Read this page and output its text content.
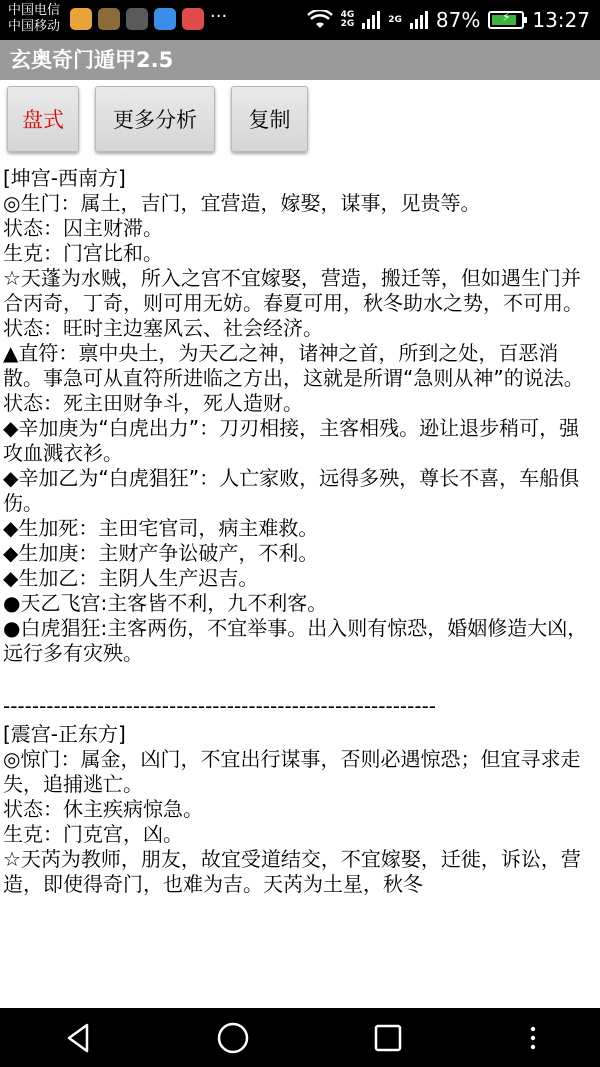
中国电信
中国移动	···	4G
2G	2G 87%	⚡	13:27
玄奥奇门遁甲2.5
盘式	更多分析	复制
[坤宫-西南方]
◎生门：属土，吉门，宜营造，嫁娶，谋事，见贵等。
状态：囚主财滞。
生克：门宫比和。
☆天蓬为水贼，所入之宫不宜嫁娶，营造，搬迁等，但如遇生门并合丙奇，丁奇，则可用无妨。春夏可用，秋冬助水之势，不可用。
状态：旺时主边塞风云、社会经济。
▲直符：禀中央土，为天乙之神，诸神之首，所到之处，百恶消散。事急可从直符所进临之方出，这就是所谓“急则从神”的说法。
状态：死主田财争斗，死人造财。
◆辛加庚为“白虎出力”：刀刃相接，主客相残。逊让退步稍可，强攻血溅衣衫。
◆辛加乙为“白虎猖狂”：人亡家败，远得多殃，尊长不喜，车船俱伤。
◆生加死：主田宅官司，病主难救。
◆生加庚：主财产争讼破产，不利。
◆生加乙：主阴人生产迟吉。
●天乙飞宫:主客皆不利，九不利客。
●白虎猖狂:主客两伤，不宜举事。出入则有惊恐，婚姻修造大凶，远行多有灾殃。
------------------------------------------------------------
[震宫-正东方]
◎惊门：属金，凶门，不宜出行谋事，否则必遇惊恐；但宜寻求走失，追捕逃亡。
状态：休主疾病惊急。
生克：门克宫，凶。
☆天芮为教师，朋友，故宜受道结交，不宜嫁娶，迁徙，诉讼，营造，即使得奇门，也难为吉。天芮为土星，秋冬
